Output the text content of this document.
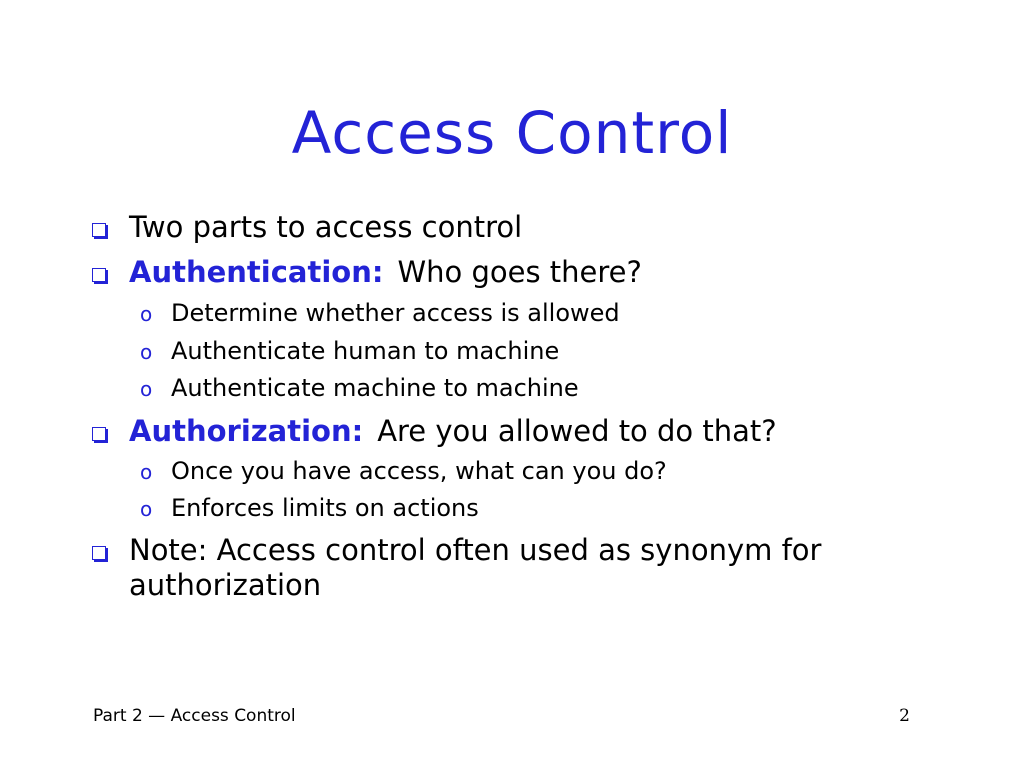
Access Control
Two parts to access control
Authentication: Who goes there?
o Determine whether access is allowed
o Authenticate human to machine
o Authenticate machine to machine
Authorization: Are you allowed to do that?
o Once you have access, what can you do?
o Enforces limits on actions
Note: Access control often used as synonym for authorization
Part 2 — Access Control	2
